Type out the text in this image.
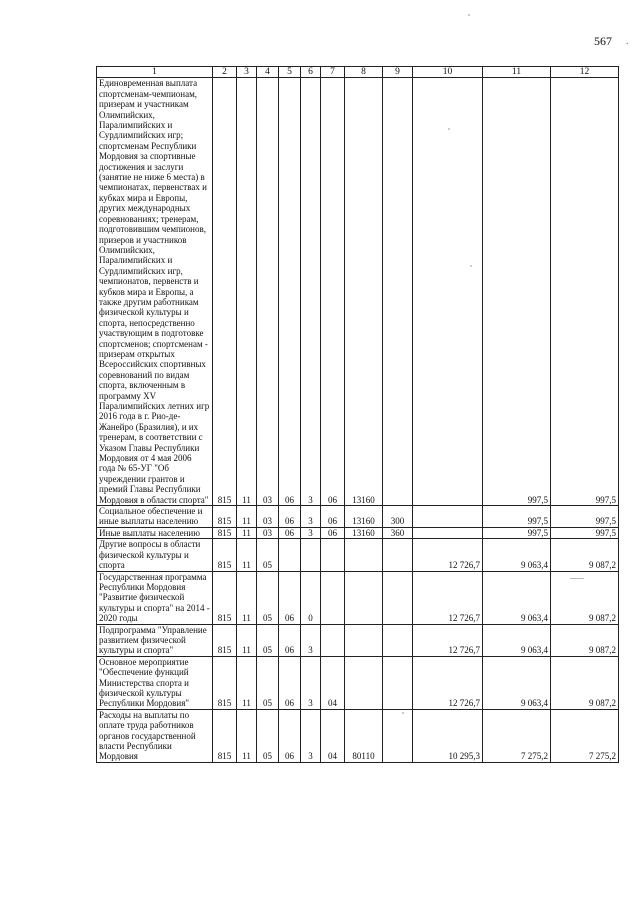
567 .
1	2	3	4	5	6	7	8	9	10	11	12
Единовременная выплата спортсменам-чемпионам, призерам и участникам Олимпийских, Паралимпийских и Сурдлимпийских игр; спортсменам Республики Мордовия за спортивные достижения и заслуги (занятие не ниже 6 места) в чемпионатах, первенствах и кубках мира и Европы, других международных соревнованиях; тренерам, подготовившим чемпионов, призеров и участников Олимпийских, Паралимпийских и Сурдлимпийских игр, чемпионатов, первенств и кубков мира и Европы, а также другим работникам физической культуры и спорта, непосредственно участвующим в подготовке спортсменов; спортсменам - призерам открытых Всероссийских спортивных соревнований по видам спорта, включенным в программу XV Паралимпийских летних игр 2016 года в г. Рио-де-Жанейро (Бразилия), и их тренерам, в соответствии с Указом Главы Республики Мордовия от 4 мая 2006 года № 65-УГ "Об учреждении грантов и премий Главы Республики Мордовия в области спорта"	815	11	03	06	3	06	13160			997,5	997,5
Социальное обеспечение и иные выплаты населению	815	11	03	06	3	06	13160	300		997,5	997,5
Иные выплаты населению	815	11	03	06	3	06	13160	360		997,5	997,5
Другие вопросы в области физической культуры и спорта	815	11	05						12 726,7	9 063,4	9 087,2
Государственная программа Республики Мордовия "Развитие физической культуры и спорта" на 2014 - 2020 годы	815	11	05	06	0				12 726,7	9 063,4	9 087,2
Подпрограмма "Управление развитием физической культуры и спорта"	815	11	05	06	3				12 726,7	9 063,4	9 087,2
Основное мероприятие "Обеспечение функций Министерства спорта и физической культуры Республики Мордовия"	815	11	05	06	3	04			12 726,7	9 063,4	9 087,2
Расходы на выплаты по оплате труда работников органов государственной власти Республики Мордовия	815	11	05	06	3	04	80110		10 295,3	7 275,2	7 275,2
